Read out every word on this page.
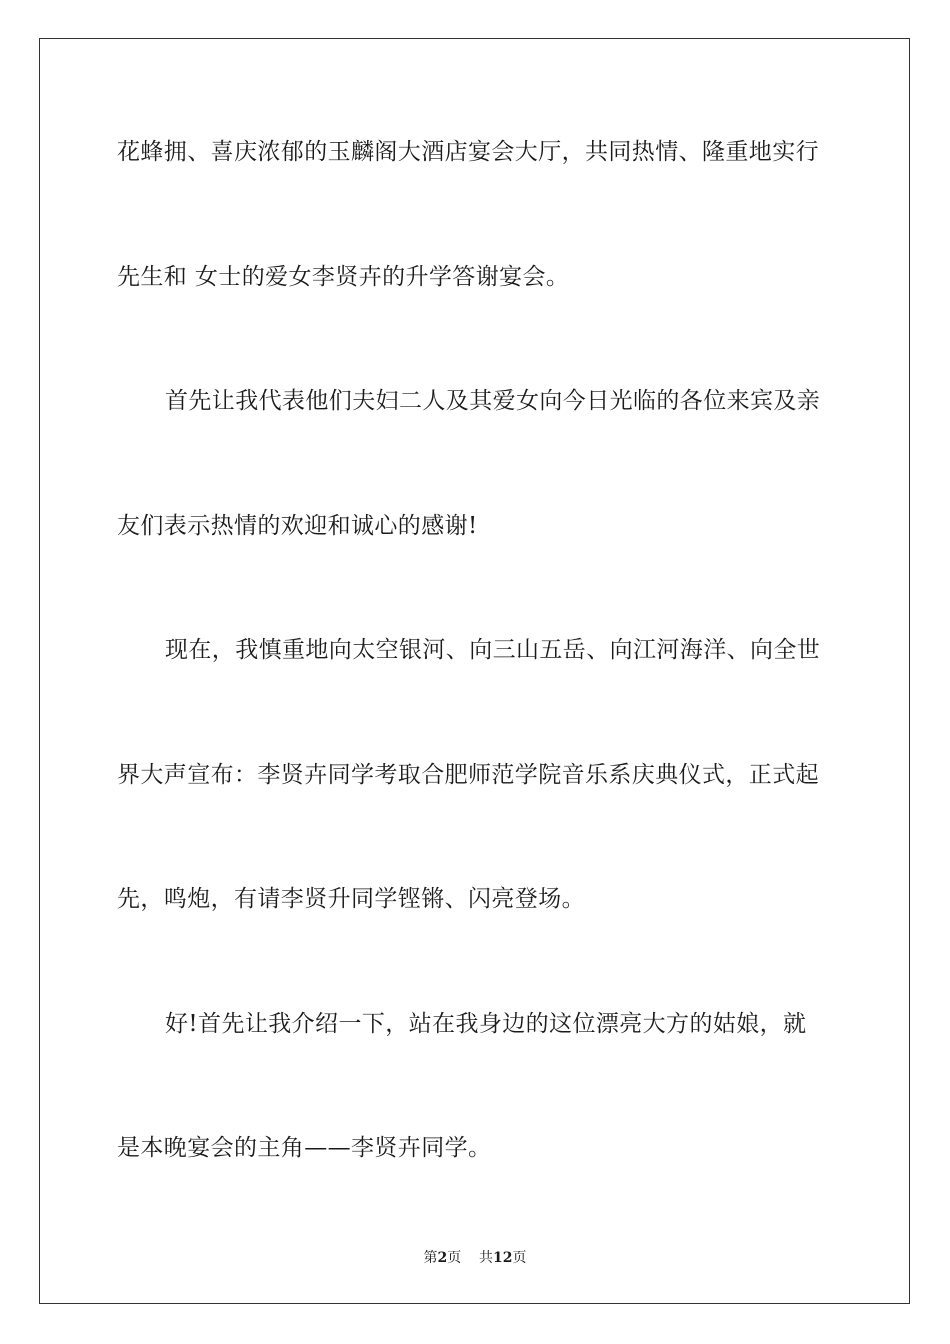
花蜂拥、喜庆浓郁的玉麟阁大酒店宴会大厅，共同热情、隆重地实行
先生和 女士的爱女李贤卉的升学答谢宴会。
首先让我代表他们夫妇二人及其爱女向今日光临的各位来宾及亲
友们表示热情的欢迎和诚心的感谢!
现在，我慎重地向太空银河、向三山五岳、向江河海洋、向全世
界大声宣布：李贤卉同学考取合肥师范学院音乐系庆典仪式，正式起
先，鸣炮，有请李贤升同学铿锵、闪亮登场。
好!首先让我介绍一下，站在我身边的这位漂亮大方的姑娘，就
是本晚宴会的主角——李贤卉同学。
第2页 共12页
